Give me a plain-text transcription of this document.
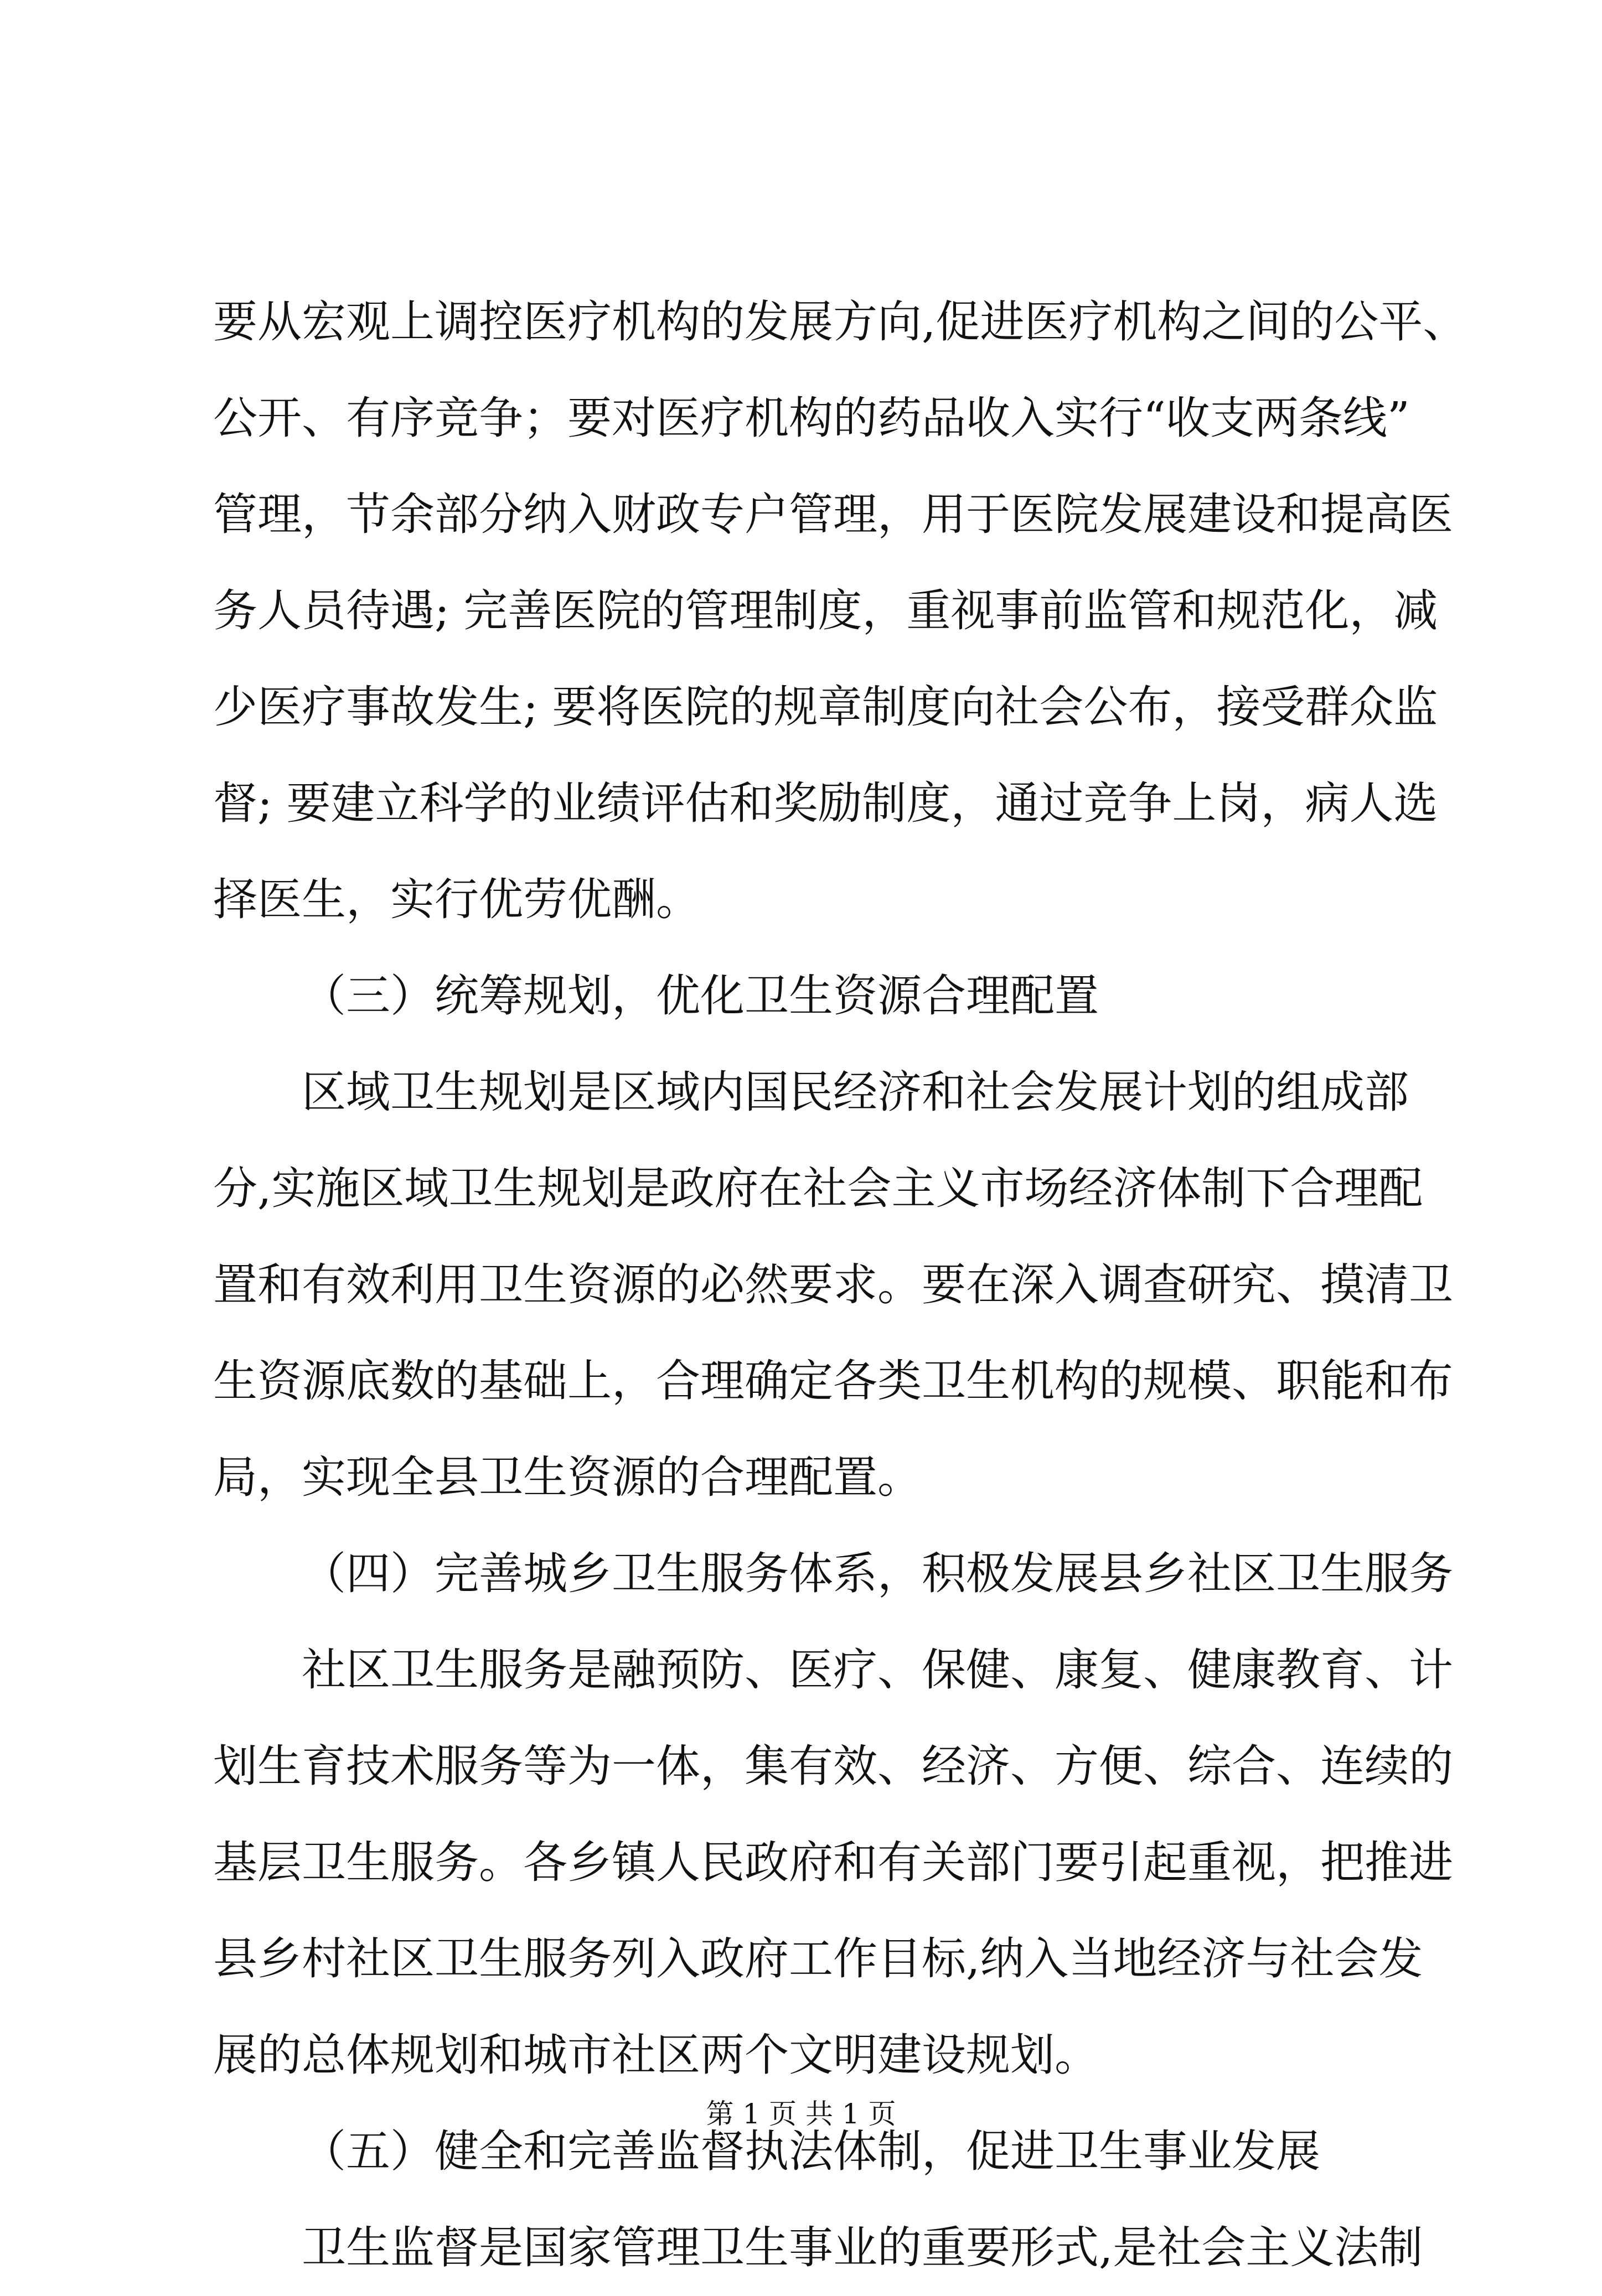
要从宏观上调控医疗机构的发展方向,促进医疗机构之间的公平、
公开、有序竞争；要对医疗机构的药品收入实行“收支两条线”
管理，节余部分纳入财政专户管理，用于医院发展建设和提高医
务人员待遇; 完善医院的管理制度，重视事前监管和规范化，减
少医疗事故发生; 要将医院的规章制度向社会公布，接受群众监
督; 要建立科学的业绩评估和奖励制度，通过竞争上岗，病人选
择医生，实行优劳优酬。
（三）统筹规划，优化卫生资源合理配置
区域卫生规划是区域内国民经济和社会发展计划的组成部
分,实施区域卫生规划是政府在社会主义市场经济体制下合理配
置和有效利用卫生资源的必然要求。要在深入调查研究、摸清卫
生资源底数的基础上，合理确定各类卫生机构的规模、职能和布
局，实现全县卫生资源的合理配置。
（四）完善城乡卫生服务体系，积极发展县乡社区卫生服务
社区卫生服务是融预防、医疗、保健、康复、健康教育、计
划生育技术服务等为一体，集有效、经济、方便、综合、连续的
基层卫生服务。各乡镇人民政府和有关部门要引起重视，把推进
县乡村社区卫生服务列入政府工作目标,纳入当地经济与社会发
展的总体规划和城市社区两个文明建设规划。
（五）健全和完善监督执法体制，促进卫生事业发展
卫生监督是国家管理卫生事业的重要形式,是社会主义法制
第 1 页 共 1 页
